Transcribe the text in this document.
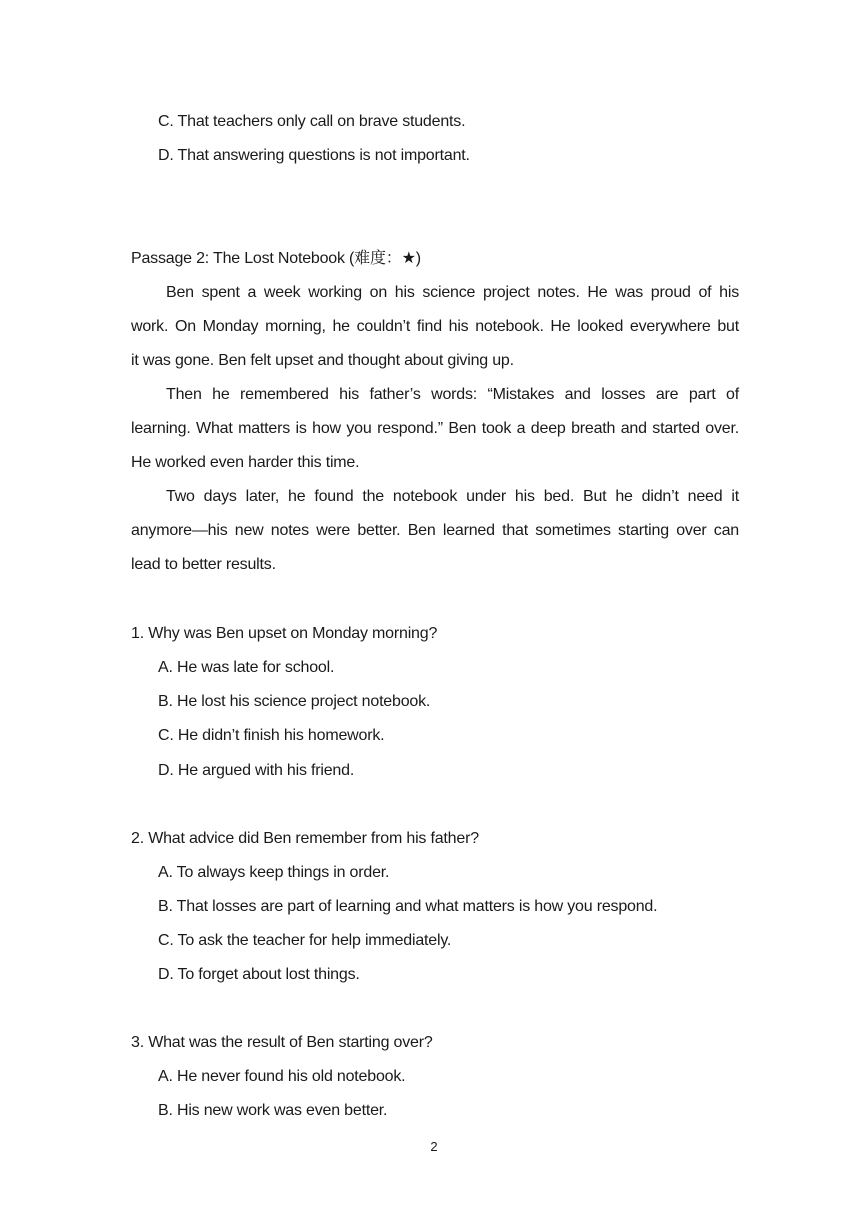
C. That teachers only call on brave students.
D. That answering questions is not important.
Passage 2: The Lost Notebook (难度：★)
Ben spent a week working on his science project notes. He was proud of his
work. On Monday morning, he couldn’t find his notebook. He looked everywhere but
it was gone. Ben felt upset and thought about giving up.
Then he remembered his father’s words: “Mistakes and losses are part of
learning. What matters is how you respond.” Ben took a deep breath and started over.
He worked even harder this time.
Two days later, he found the notebook under his bed. But he didn’t need it
anymore—his new notes were better. Ben learned that sometimes starting over can
lead to better results.
1. Why was Ben upset on Monday morning?
A. He was late for school.
B. He lost his science project notebook.
C. He didn’t finish his homework.
D. He argued with his friend.
2. What advice did Ben remember from his father?
A. To always keep things in order.
B. That losses are part of learning and what matters is how you respond.
C. To ask the teacher for help immediately.
D. To forget about lost things.
3. What was the result of Ben starting over?
A. He never found his old notebook.
B. His new work was even better.
2
